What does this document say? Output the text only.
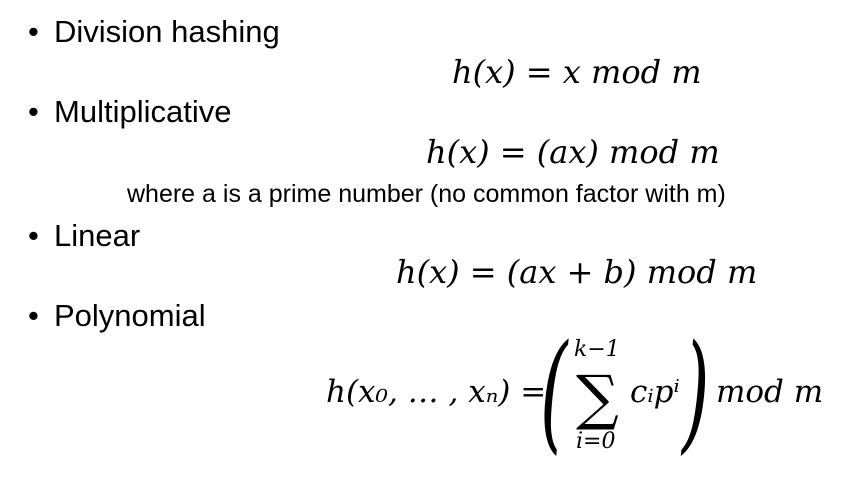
• Division hashing
h(x) = x mod m
• Multiplicative
h(x) = (ax) mod m
where a is a prime number (no common factor with m)
• Linear
h(x) = (ax + b) mod m
• Polynomial
h(x₀, … , xₙ) =
( k−1
∑
i=0
cᵢpⁱ ) mod m
